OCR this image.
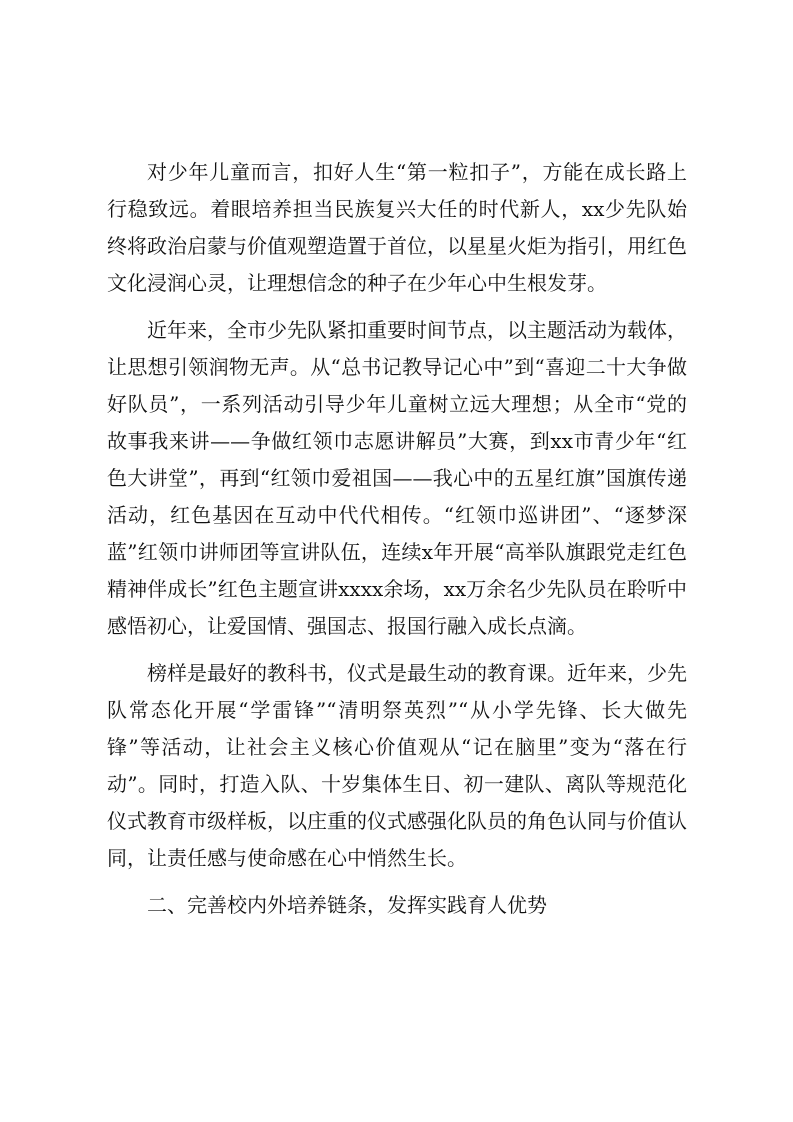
对少年儿童而言，扣好人生“第一粒扣子”，方能在成长路上行稳致远。着眼培养担当民族复兴大任的时代新人，xx少先队始终将政治启蒙与价值观塑造置于首位，以星星火炬为指引，用红色文化浸润心灵，让理想信念的种子在少年心中生根发芽。

近年来，全市少先队紧扣重要时间节点，以主题活动为载体，让思想引领润物无声。从“总书记教导记心中”到“喜迎二十大争做好队员”，一系列活动引导少年儿童树立远大理想；从全市“党的故事我来讲——争做红领巾志愿讲解员”大赛，到xx市青少年“红色大讲堂”，再到“红领巾爱祖国——我心中的五星红旗”国旗传递活动，红色基因在互动中代代相传。“红领巾巡讲团”、“逐梦深蓝”红领巾讲师团等宣讲队伍，连续x年开展“高举队旗跟党走红色精神伴成长”红色主题宣讲xxxx余场，xx万余名少先队员在聆听中感悟初心，让爱国情、强国志、报国行融入成长点滴。

榜样是最好的教科书，仪式是最生动的教育课。近年来，少先队常态化开展“学雷锋”“清明祭英烈”“从小学先锋、长大做先锋”等活动，让社会主义核心价值观从“记在脑里”变为“落在行动”。同时，打造入队、十岁集体生日、初一建队、离队等规范化仪式教育市级样板，以庄重的仪式感强化队员的角色认同与价值认同，让责任感与使命感在心中悄然生长。

二、完善校内外培养链条，发挥实践育人优势
